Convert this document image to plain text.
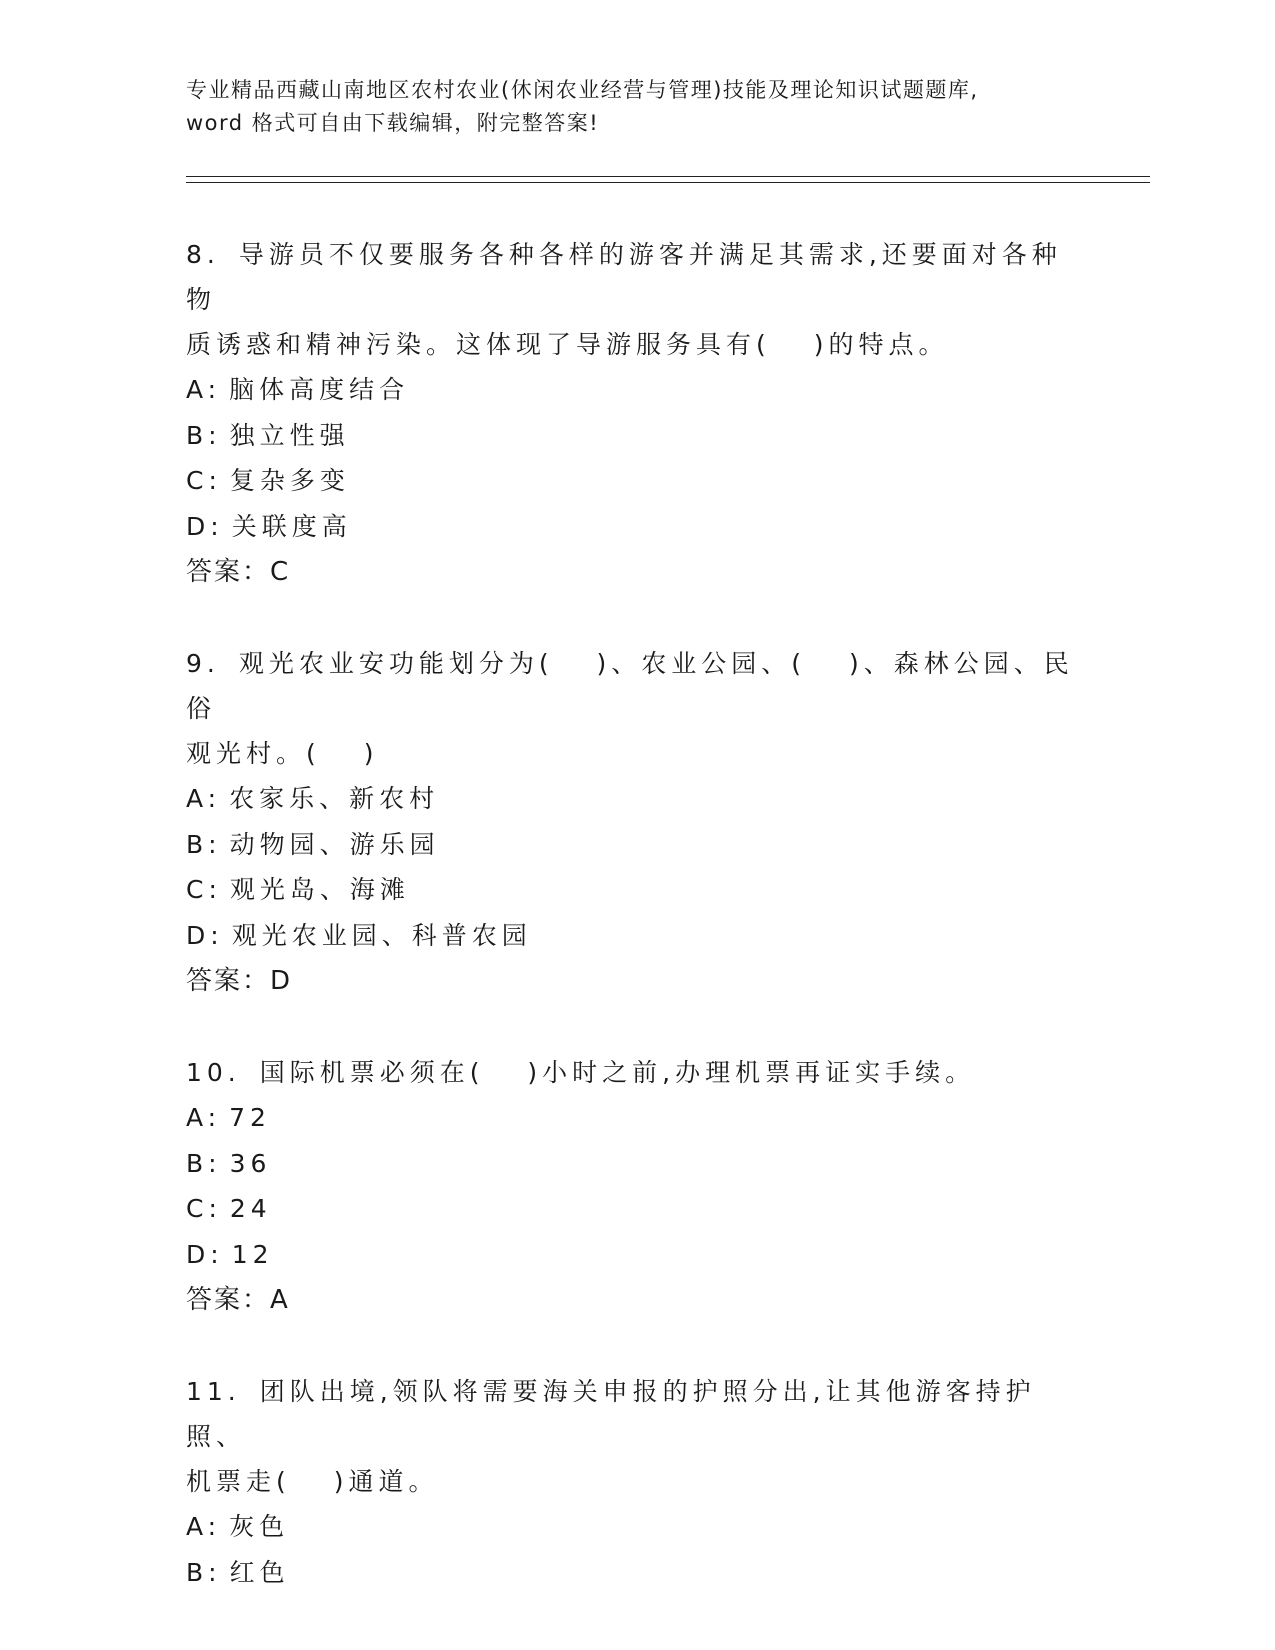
专业精品西藏山南地区农村农业(休闲农业经营与管理)技能及理论知识试题题库,
word 格式可自由下载编辑，附完整答案!

8. 导游员不仅要服务各种各样的游客并满足其需求,还要面对各种物
质诱惑和精神污染。这体现了导游服务具有(　 )的特点。

A: 脑体高度结合

B: 独立性强

C: 复杂多变

D: 关联度高

答案：C

9. 观光农业安功能划分为(　 )、农业公园、(　 )、森林公园、民俗
观光村。(　 )

A: 农家乐、新农村

B: 动物园、游乐园

C: 观光岛、海滩

D: 观光农业园、科普农园

答案：D

10. 国际机票必须在(　 )小时之前,办理机票再证实手续。

A: 72

B: 36

C: 24

D: 12

答案：A

11. 团队出境,领队将需要海关申报的护照分出,让其他游客持护照、
机票走(　 )通道。

A: 灰色

B: 红色
